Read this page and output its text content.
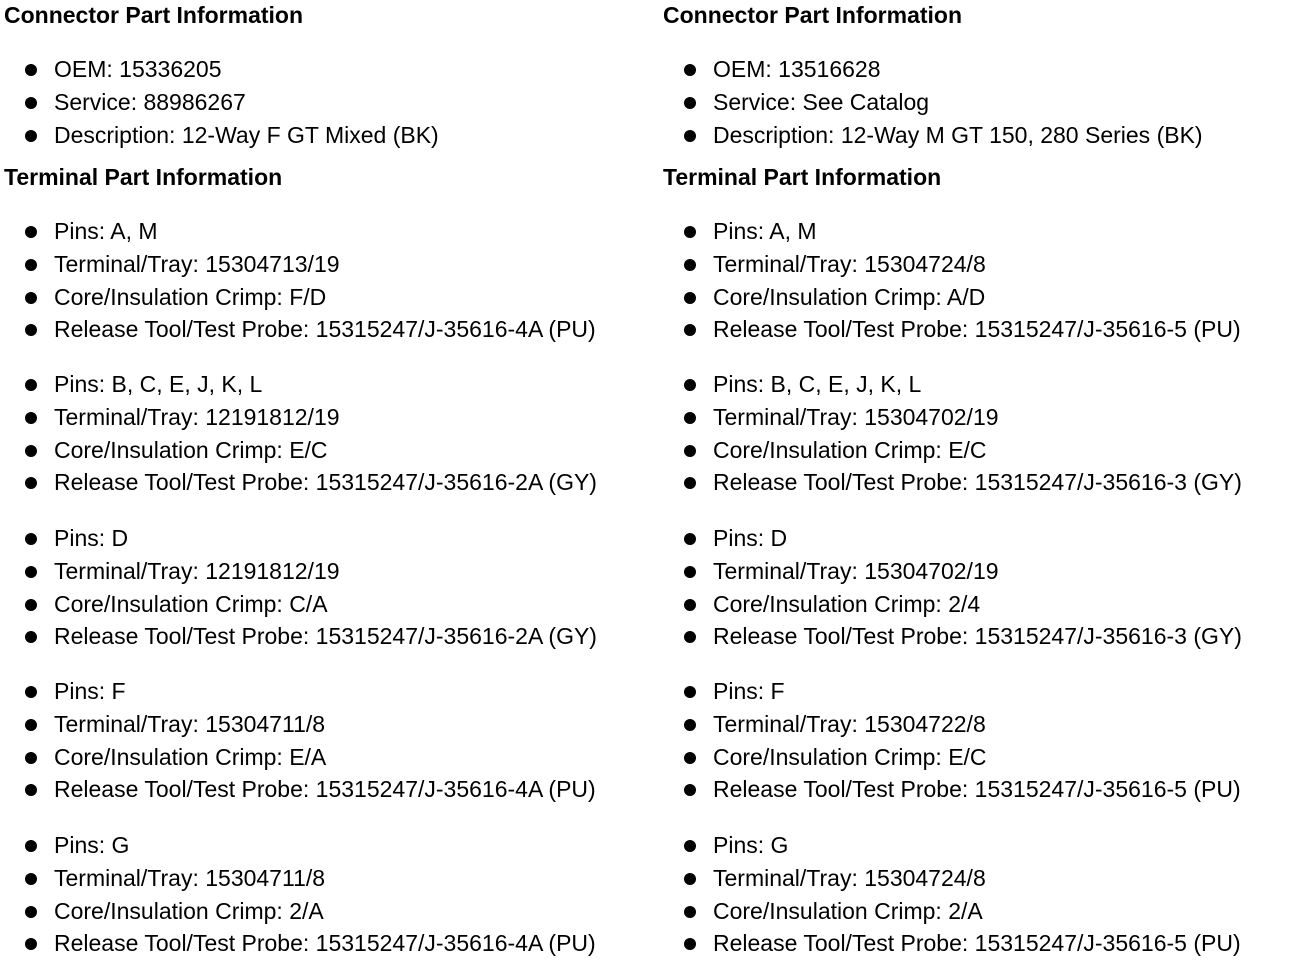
Connector Part Information
OEM: 15336205
Service: 88986267
Description: 12-Way F GT Mixed (BK)
Terminal Part Information
Pins: A, M
Terminal/Tray: 15304713/19
Core/Insulation Crimp: F/D
Release Tool/Test Probe: 15315247/J-35616-4A (PU)
Pins: B, C, E, J, K, L
Terminal/Tray: 12191812/19
Core/Insulation Crimp: E/C
Release Tool/Test Probe: 15315247/J-35616-2A (GY)
Pins: D
Terminal/Tray: 12191812/19
Core/Insulation Crimp: C/A
Release Tool/Test Probe: 15315247/J-35616-2A (GY)
Pins: F
Terminal/Tray: 15304711/8
Core/Insulation Crimp: E/A
Release Tool/Test Probe: 15315247/J-35616-4A (PU)
Pins: G
Terminal/Tray: 15304711/8
Core/Insulation Crimp: 2/A
Release Tool/Test Probe: 15315247/J-35616-4A (PU)
Connector Part Information
OEM: 13516628
Service: See Catalog
Description: 12-Way M GT 150, 280 Series (BK)
Terminal Part Information
Pins: A, M
Terminal/Tray: 15304724/8
Core/Insulation Crimp: A/D
Release Tool/Test Probe: 15315247/J-35616-5 (PU)
Pins: B, C, E, J, K, L
Terminal/Tray: 15304702/19
Core/Insulation Crimp: E/C
Release Tool/Test Probe: 15315247/J-35616-3 (GY)
Pins: D
Terminal/Tray: 15304702/19
Core/Insulation Crimp: 2/4
Release Tool/Test Probe: 15315247/J-35616-3 (GY)
Pins: F
Terminal/Tray: 15304722/8
Core/Insulation Crimp: E/C
Release Tool/Test Probe: 15315247/J-35616-5 (PU)
Pins: G
Terminal/Tray: 15304724/8
Core/Insulation Crimp: 2/A
Release Tool/Test Probe: 15315247/J-35616-5 (PU)
